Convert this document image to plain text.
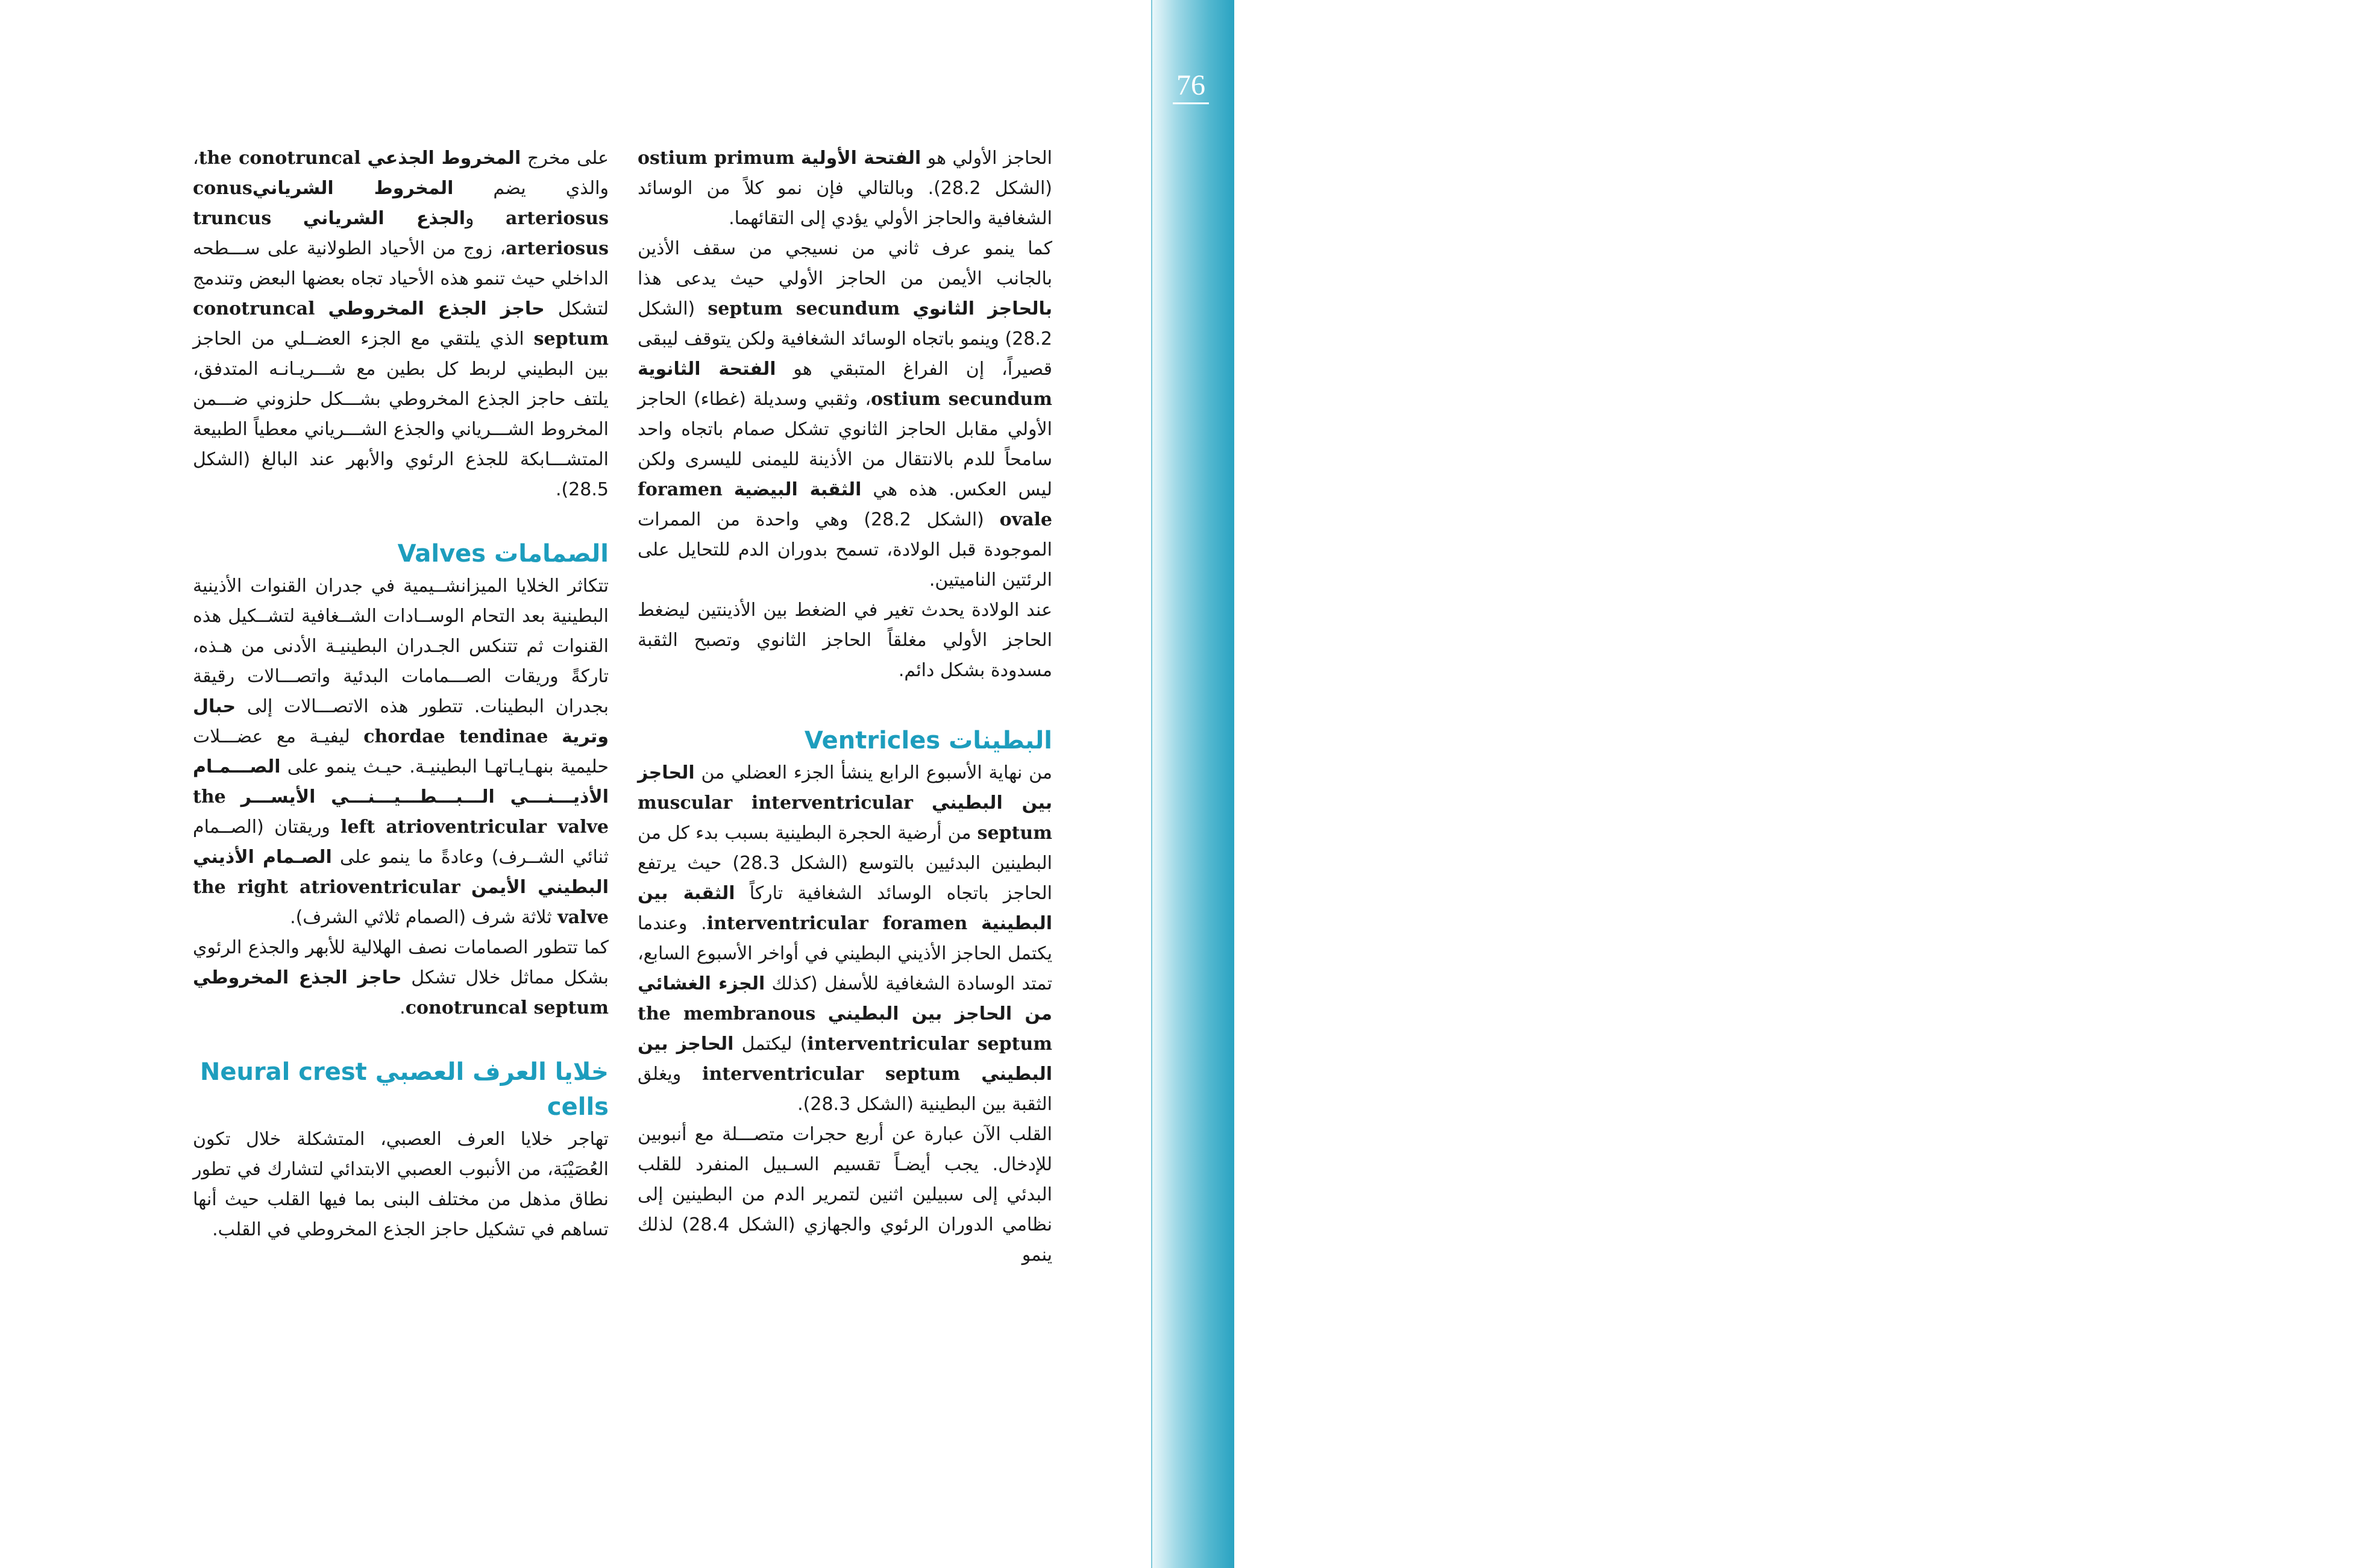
76	الفصل 28 جهاز الدوران: حجرات القلب

الحاجز الأولي هو الفتحة الأولية ostium primum (الشكل 28.2). وبالتالي فإن نمو كلاً من الوسائد الشغافية والحاجز الأولي يؤدي إلى التقائهما.

كما ينمو عرف ثاني من نسيجي من سقف الأذين بالجانب الأيمن من الحاجز الأولي حيث يدعى هذا بالحاجز الثانوي septum secundum (الشكل 28.2) وينمو باتجاه الوسائد الشغافية ولكن يتوقف ليبقى قصيراً، إن الفراغ المتبقي هو الفتحة الثانوية ostium secundum، وثقبي وسديلة (غطاء) الحاجز الأولي مقابل الحاجز الثانوي تشكل صمام باتجاه واحد سامحاً للدم بالانتقال من الأذينة لليمنى لليسرى ولكن ليس العكس. هذه هي الثقبة البيضية foramen ovale (الشكل 28.2) وهي واحدة من الممرات الموجودة قبل الولادة، تسمح بدوران الدم للتحايل على الرئتين الناميتين.

عند الولادة يحدث تغير في الضغط بين الأذينتين ليضغط الحاجز الأولي مغلقاً الحاجز الثانوي وتصبح الثقبة مسدودة بشكل دائم.

البطينات Ventricles

من نهاية الأسبوع الرابع ينشأ الجزء العضلي من الحاجز بين البطيني muscular interventricular septum من أرضية الحجرة البطينية بسبب بدء كل من البطينين البدئيين بالتوسع (الشكل 28.3) حيث يرتفع الحاجز باتجاه الوسائد الشغافية تاركاً الثقبة بين البطينية interventricular foramen. وعندما يكتمل الحاجز الأذيني البطيني في أواخر الأسبوع السابع، تمتد الوسادة الشغافية للأسفل (كذلك الجزء الغشائي من الحاجز بين البطيني the membranous interventricular septum) ليكتمل الحاجز بين البطيني interventricular septum ويغلق الثقبة بين البطينية (الشكل 28.3).

القلب الآن عبارة عن أربع حجرات متصـــلة مع أنبوبين للإدخال. يجب أيضـاً تقسيم السـبيل المنفرد للقلب البدئي إلى سبيلين اثنين لتمرير الدم من البطينين إلى نظامي الدوران الرئوي والجهازي (الشكل 28.4) لذلك ينمو

على مخرج المخروط الجذعي the conotruncal، والذي يضم المخروط الشريانيconus arteriosus والجذع الشرياني truncus arteriosus، زوج من الأحياد الطولانية على ســـطحه الداخلي حيث تنمو هذه الأحياد تجاه بعضها البعض وتندمج لتشكل حاجز الجذع المخروطي conotruncal septum الذي يلتقي مع الجزء العضــلي من الحاجز بين البطيني لربط كل بطين مع شـــريـانـه المتدفق، يلتف حاجز الجذع المخروطي بشـــكل حلزوني ضـــمن المخروط الشـــرياني والجذع الشـــرياني معطياً الطبيعة المتشـــابكة للجذع الرئوي والأبهر عند البالغ (الشكل 28.5).

الصمامات Valves

تتكاثر الخلايا الميزانشــيمية في جدران القنوات الأذينية البطينية بعد التحام الوســادات الشــغافية لتشــكيل هذه القنوات ثم تتنكس الجـدران البطينيـة الأدنى من هـذه، تاركةً وريقات الصـــمامات البدئية واتصـــالات رقيقة بجدران البطينات. تتطور هذه الاتصـــالات إلى حبال وترية chordae tendinae ليفيـة مع عضـــلات حليمية بنهـايـاتهـا البطينيـة. حيـث ينمو على الصـــمـام الأذيـــنـــي الـــبـــطـــيـــنـــي الأيســـر the left atrioventricular valve وريقتان (الصــمام ثنائي الشــرف) وعادةً ما ينمو على الصـمام الأذيني البطيني الأيمن the right atrioventricular valve ثلاثة شرف (الصمام ثلاثي الشرف).

كما تتطور الصمامات نصف الهلالية للأبهر والجذع الرئوي بشكل مماثل خلال تشكل حاجز الجذع المخروطي conotruncal septum.

خلايا العرف العصبي Neural crest cells

تهاجر خلايا العرف العصبي، المتشكلة خلال تكون العُصَيْبَة، من الأنبوب العصبي الابتدائي لتشارك في تطور نطاق مذهل من مختلف البنى بما فيها القلب حيث أنها تساهم في تشكيل حاجز الجذع المخروطي في القلب.
